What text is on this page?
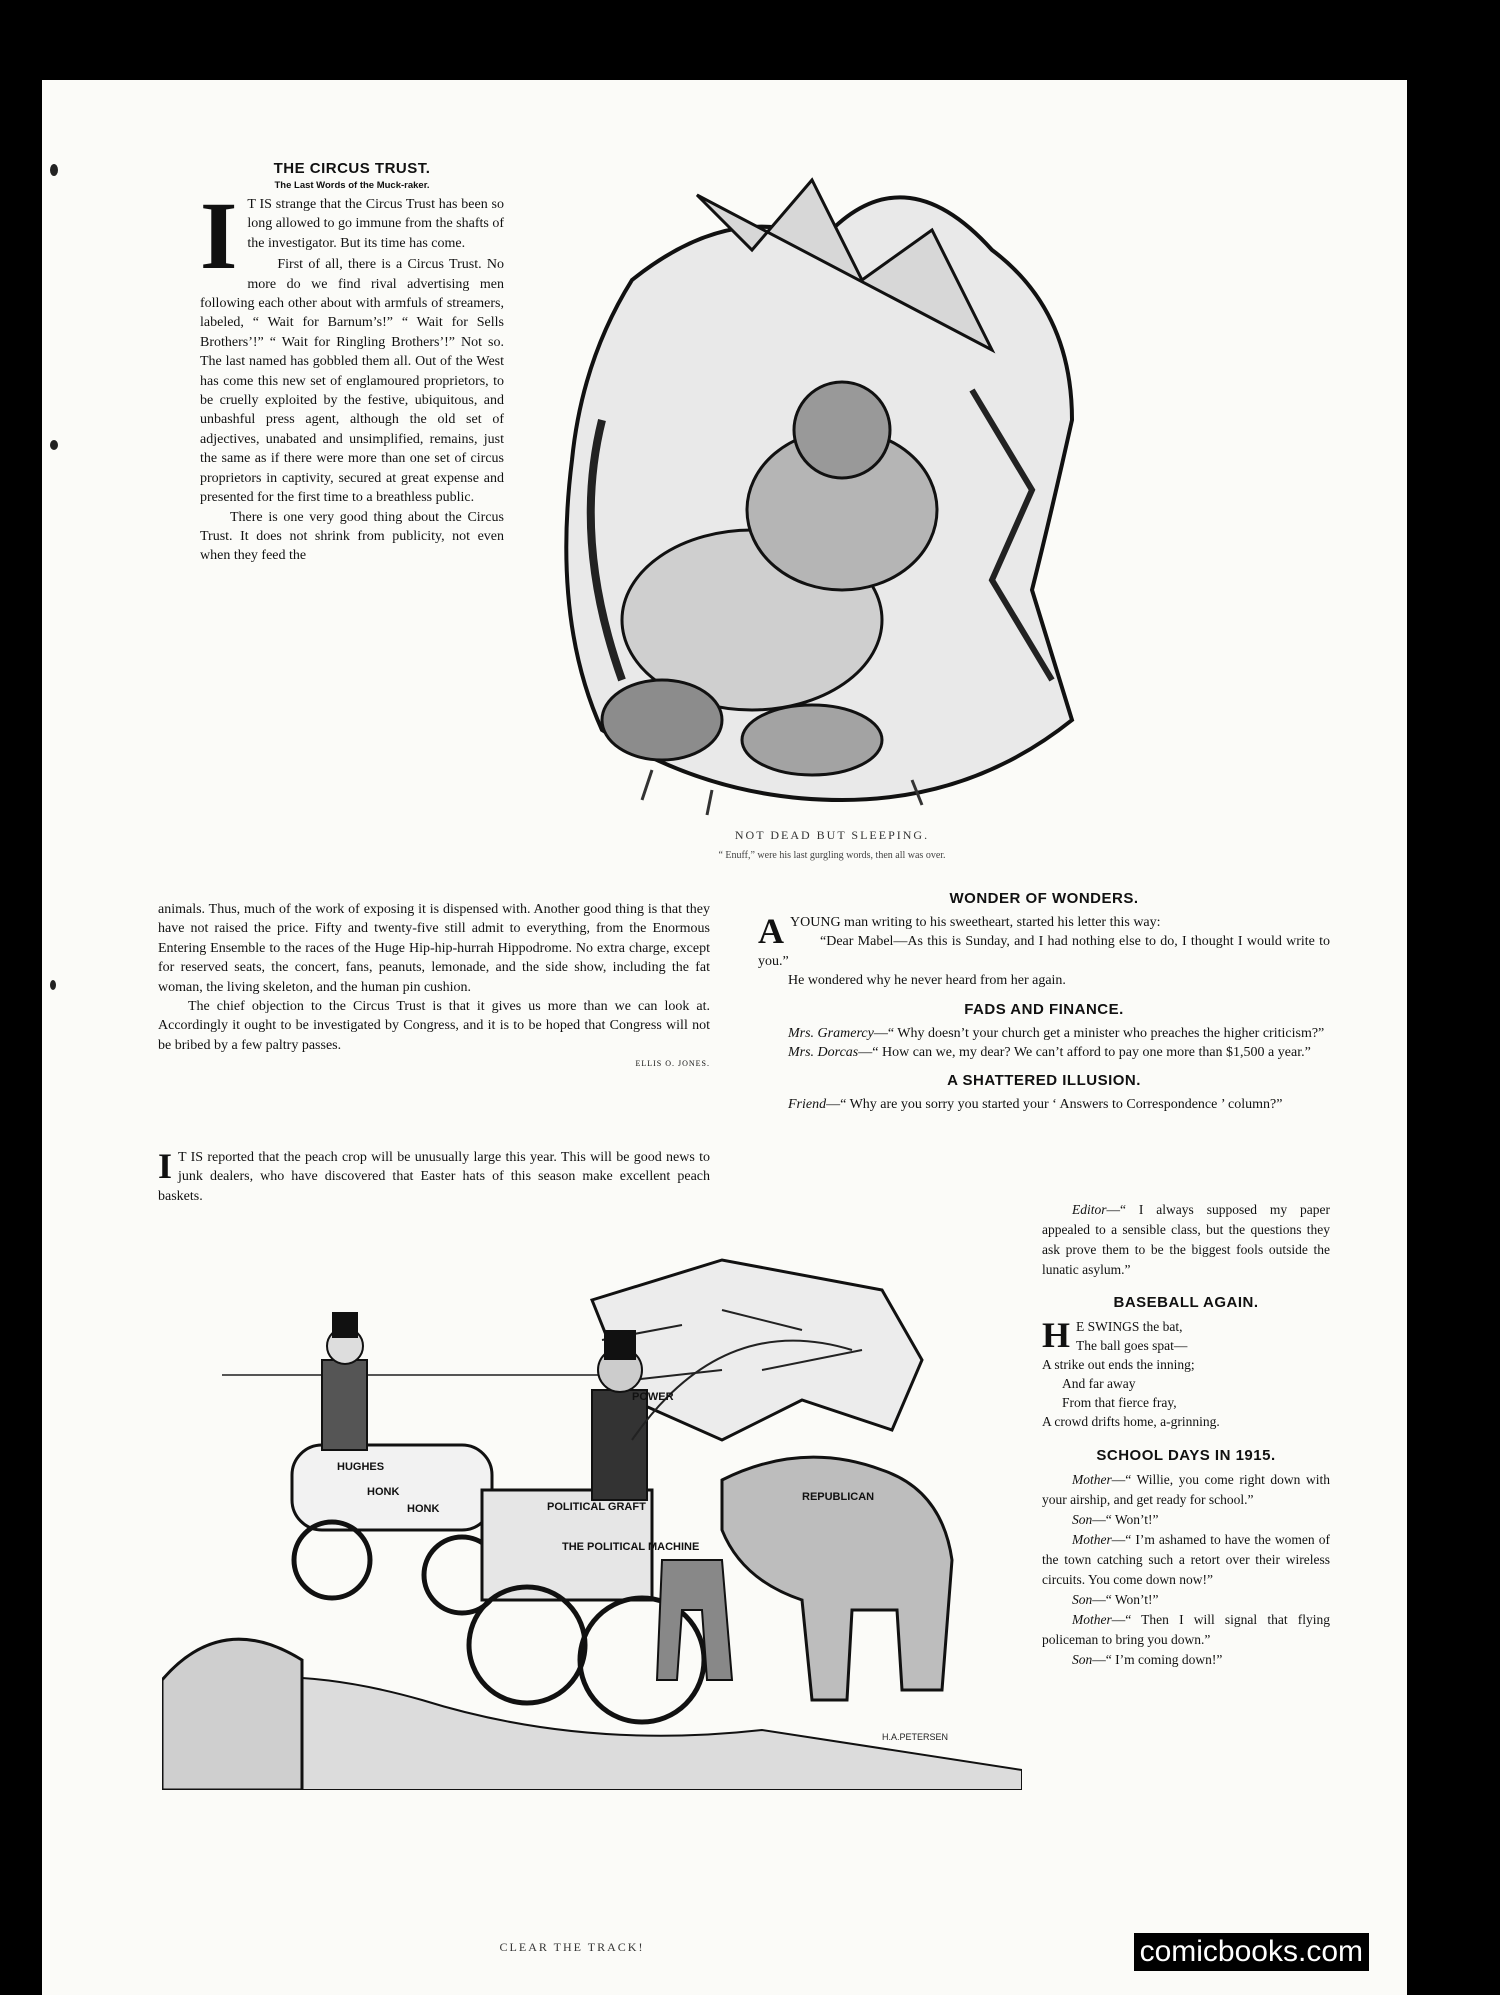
THE CIRCUS TRUST.
The Last Words of the Muck-raker.
I T IS strange that the Circus Trust has been so long allowed to go immune from the shafts of the investigator. But its time has come.

First of all, there is a Circus Trust. No more do we find rival advertising men following each other about with armfuls of streamers, labeled, “ Wait for Barnum’s!” “ Wait for Sells Brothers’!” “ Wait for Ringling Brothers’!” Not so. The last named has gobbled them all. Out of the West has come this new set of englamoured proprietors, to be cruelly exploited by the festive, ubiquitous, and unbashful press agent, although the old set of adjectives, unabated and unsimplified, remains, just the same as if there were more than one set of circus proprietors in captivity, secured at great expense and presented for the first time to a breathless public.

There is one very good thing about the Circus Trust. It does not shrink from publicity, not even when they feed the

animals. Thus, much of the work of exposing it is dispensed with. Another good thing is that they have not raised the price. Fifty and twenty-five still admit to everything, from the Enormous Entering Ensemble to the races of the Huge Hip-hip-hurrah Hippodrome. No extra charge, except for reserved seats, the concert, fans, peanuts, lemonade, and the side show, including the fat woman, the living skeleton, and the human pin cushion.

The chief objection to the Circus Trust is that it gives us more than we can look at. Accordingly it ought to be investigated by Congress, and it is to be hoped that Congress will not be bribed by a few paltry passes.

ELLIS O. JONES.
I T IS reported that the peach crop will be unusually large this year. This will be good news to junk dealers, who have discovered that Easter hats of this season make excellent peach baskets.

NOT DEAD BUT SLEEPING.
“ Enuff,” were his last gurgling words, then all was over.
WONDER OF WONDERS.
A YOUNG man writing to his sweetheart, started his letter this way:

“Dear Mabel—As this is Sunday, and I had nothing else to do, I thought I would write to you.”

He wondered why he never heard from her again.

FADS AND FINANCE.

Mrs. Gramercy—“ Why doesn’t your church get a minister who preaches the higher criticism?”

Mrs. Dorcas—“ How can we, my dear? We can’t afford to pay one more than $1,500 a year.”

A SHATTERED ILLUSION.

Friend—“ Why are you sorry you started your ‘ Answers to Correspondence ’ column?”

Editor—“ I always supposed my paper appealed to a sensible class, but the questions they ask prove them to be the biggest fools outside the lunatic asylum.”

BASEBALL AGAIN.
H E SWINGS the bat,

The ball goes spat—

A strike out ends the inning;

And far away

From that fierce fray,

A crowd drifts home, a-grinning.

SCHOOL DAYS IN 1915.

Mother—“ Willie, you come right down with your airship, and get ready for school.”

Son—“ Won’t!”

Mother—“ I’m ashamed to have the women of the town catching such a retort over their wireless circuits. You come down now!”

Son—“ Won’t!”

Mother—“ Then I will signal that flying policeman to bring you down.”

Son—“ I’m coming down!”

HUGHES
HONK
HONK	POLITICAL GRAFT
POWER
THE POLITICAL MACHINE
REPUBLICAN
H.A.PETERSEN
CLEAR THE TRACK!	comicbooks.com
